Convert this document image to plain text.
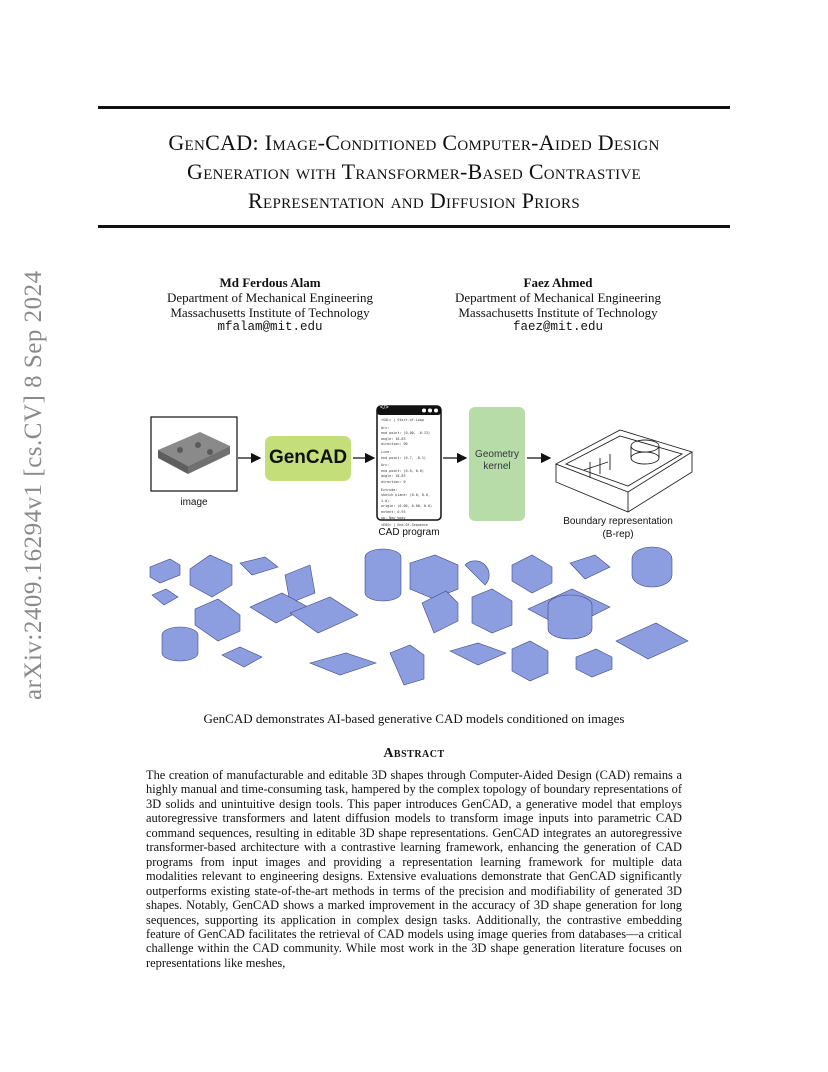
arXiv:2409.16294v1 [cs.CV] 8 Sep 2024
GenCAD: Image-Conditioned Computer-Aided Design
Generation with Transformer-Based Contrastive
Representation and Diffusion Priors
Md Ferdous Alam
Department of Mechanical Engineering
Massachusetts Institute of Technology
mfalam@mit.edu
Faez Ahmed
Department of Mechanical Engineering
Massachusetts Institute of Technology
faez@mit.edu
image
GenCAD
CAD program
</>
<SOL> | Start-of-Loop
Arc:
end point: (0.00, -0.13)
angle: 18.83
direction: 00
Line:
end point: (0.7, -0.1)
Arc:
end point: (0.0, 0.0)
angle: 18.83
direction: 0
Extrude:
sketch plane: (0.0, 0.0, 1.0)
origin: (0.00, 0.00, 0.0)
extent: 0.93
op: New_body
<EOS> | End-Of-Sequence
Geometry
kernel
Boundary representation
(B-rep)
GenCAD demonstrates AI-based generative CAD models conditioned on images
Abstract
The creation of manufacturable and editable 3D shapes through Computer-Aided Design (CAD) remains a highly manual and time-consuming task, hampered by the complex topology of boundary representations of 3D solids and unintuitive design tools. This paper introduces GenCAD, a generative model that employs autoregressive transformers and latent diffusion models to transform image inputs into parametric CAD command sequences, resulting in editable 3D shape representations. GenCAD integrates an autoregressive transformer-based architecture with a contrastive learning framework, enhancing the generation of CAD programs from input images and providing a representation learning framework for multiple data modalities relevant to engineering designs. Extensive evaluations demonstrate that GenCAD significantly outperforms existing state-of-the-art methods in terms of the precision and modifiability of generated 3D shapes. Notably, GenCAD shows a marked improvement in the accuracy of 3D shape generation for long sequences, supporting its application in complex design tasks. Additionally, the contrastive embedding feature of GenCAD facilitates the retrieval of CAD models using image queries from databases—a critical challenge within the CAD community. While most work in the 3D shape generation literature focuses on representations like meshes,
